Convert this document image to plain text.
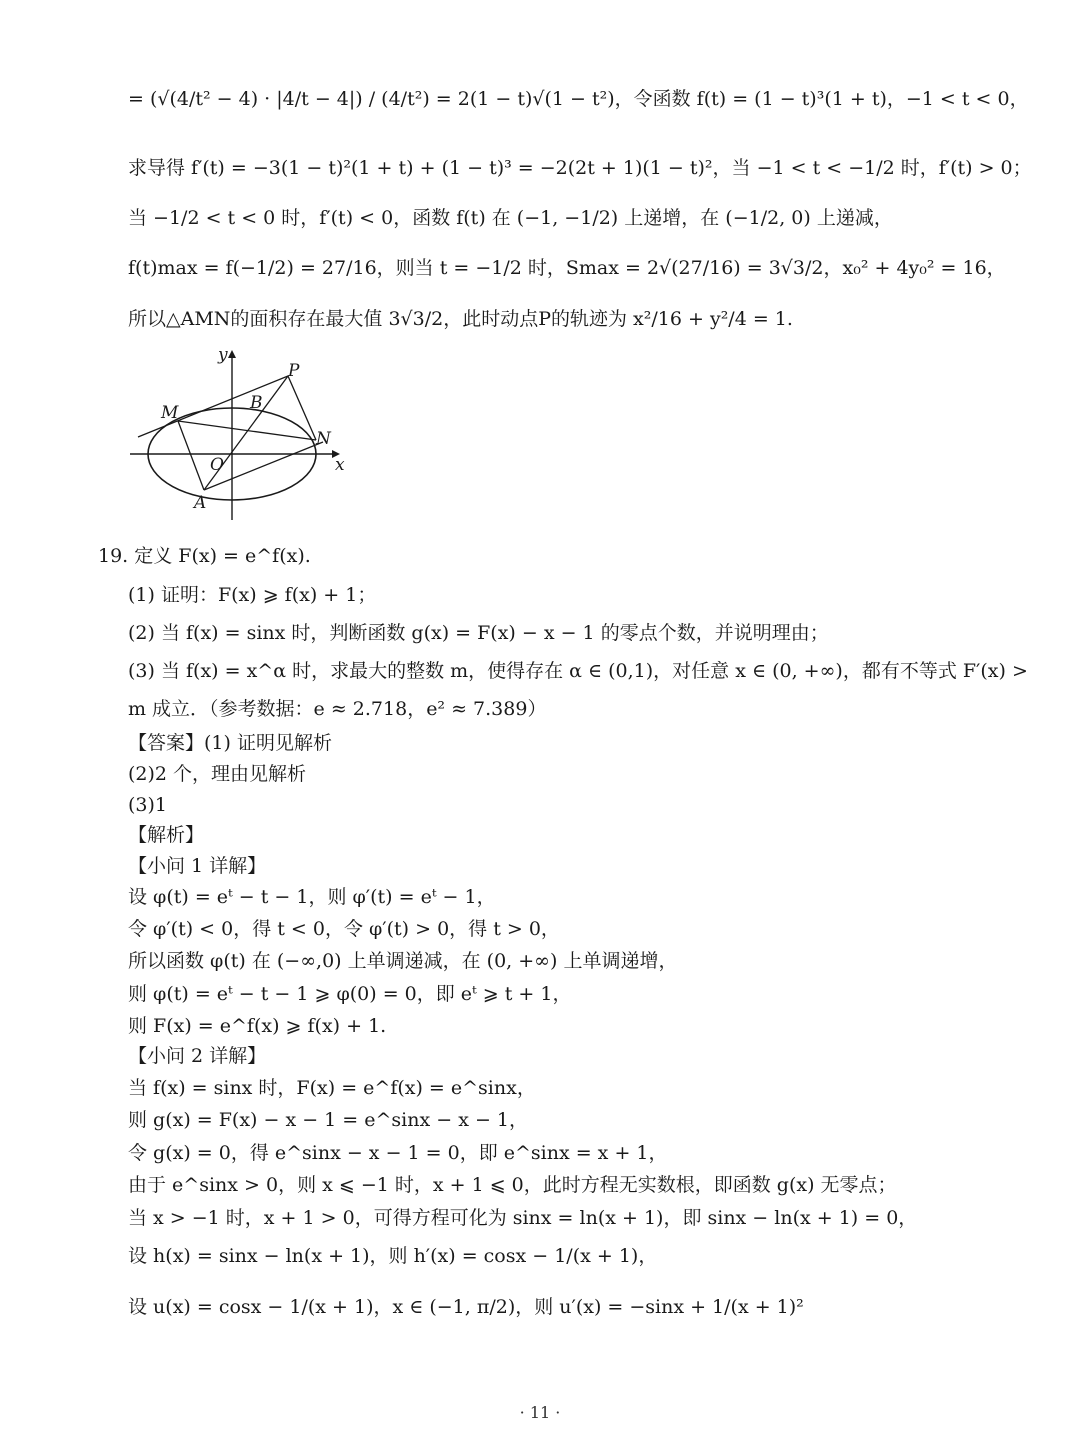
= (√(4/t² − 4) · |4/t − 4|) / (4/t²) = 2(1 − t)√(1 − t²)，令函数 f(t) = (1 − t)³(1 + t)，−1 < t < 0，
求导得 f′(t) = −3(1 − t)²(1 + t) + (1 − t)³ = −2(2t + 1)(1 − t)²，当 −1 < t < −1/2 时，f′(t) > 0；
当 −1/2 < t < 0 时，f′(t) < 0，函数 f(t) 在 (−1, −1/2) 上递增，在 (−1/2, 0) 上递减，
f(t)max = f(−1/2) = 27/16，则当 t = −1/2 时，Smax = 2√(27/16) = 3√3/2，x₀² + 4y₀² = 16，
所以△AMN的面积存在最大值 3√3/2，此时动点P的轨迹为 x²/16 + y²/4 = 1.
19. 定义 F(x) = e^f(x).
(1) 证明：F(x) ⩾ f(x) + 1；
(2) 当 f(x) = sinx 时，判断函数 g(x) = F(x) − x − 1 的零点个数，并说明理由；
(3) 当 f(x) = x^α 时，求最大的整数 m，使得存在 α ∈ (0,1)，对任意 x ∈ (0, +∞)，都有不等式 F′(x) >
m 成立．（参考数据：e ≈ 2.718，e² ≈ 7.389）
【答案】(1) 证明见解析
(2)2 个，理由见解析
(3)1
【解析】
【小问 1 详解】
设 φ(t) = eᵗ − t − 1，则 φ′(t) = eᵗ − 1，
令 φ′(t) < 0，得 t < 0，令 φ′(t) > 0，得 t > 0，
所以函数 φ(t) 在 (−∞,0) 上单调递减，在 (0, +∞) 上单调递增，
则 φ(t) = eᵗ − t − 1 ⩾ φ(0) = 0，即 eᵗ ⩾ t + 1，
则 F(x) = e^f(x) ⩾ f(x) + 1.
【小问 2 详解】
当 f(x) = sinx 时，F(x) = e^f(x) = e^sinx，
则 g(x) = F(x) − x − 1 = e^sinx − x − 1，
令 g(x) = 0，得 e^sinx − x − 1 = 0，即 e^sinx = x + 1，
由于 e^sinx > 0，则 x ⩽ −1 时，x + 1 ⩽ 0，此时方程无实数根，即函数 g(x) 无零点；
当 x > −1 时，x + 1 > 0，可得方程可化为 sinx = ln(x + 1)，即 sinx − ln(x + 1) = 0，
设 h(x) = sinx − ln(x + 1)，则 h′(x) = cosx − 1/(x + 1)，
设 u(x) = cosx − 1/(x + 1)，x ∈ (−1, π/2)，则 u′(x) = −sinx + 1/(x + 1)²
y
x
P
M	B
N
O
A
· 11 ·
